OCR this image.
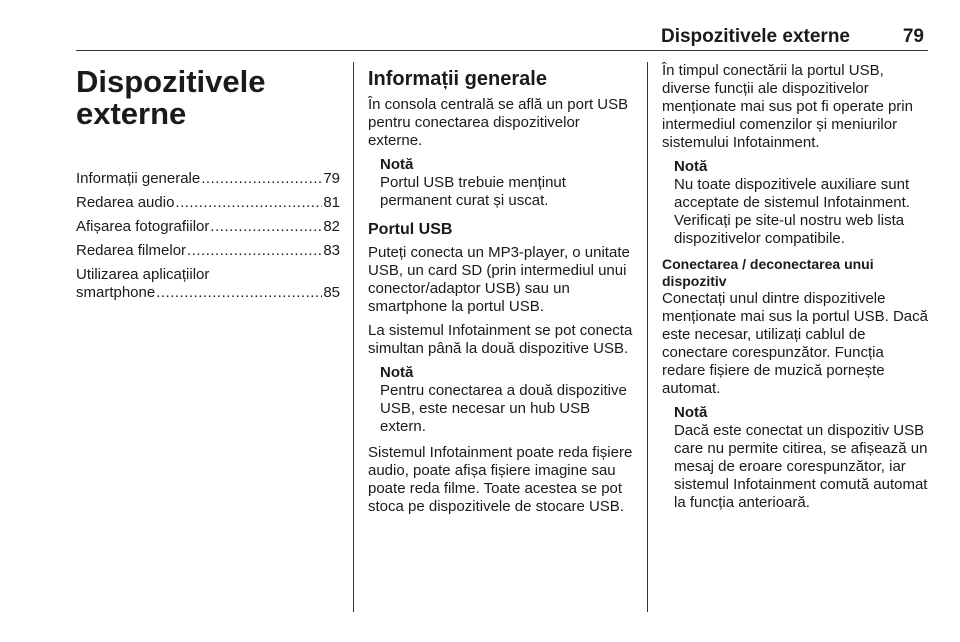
Dispozitivele externe	79
Dispozitivele externe
Informații generale .....	79
Redarea audio .....	81
Afișarea fotografiilor .....	82
Redarea filmelor .....	83
Utilizarea aplicațiilor
smartphone .....	85
Informații generale
În consola centrală se află un port USB pentru conectarea dispozitivelor externe.
Notă
Portul USB trebuie menținut permanent curat și uscat.
Portul USB
Puteți conecta un MP3-player, o unitate USB, un card SD (prin intermediul unui conector/adaptor USB) sau un smartphone la portul USB.
La sistemul Infotainment se pot conecta simultan până la două dispozitive USB.
Notă
Pentru conectarea a două dispozitive USB, este necesar un hub USB extern.
Sistemul Infotainment poate reda fișiere audio, poate afișa fișiere imagine sau poate reda filme. Toate acestea se pot stoca pe dispozitivele de stocare USB.
În timpul conectării la portul USB, diverse funcții ale dispozitivelor menționate mai sus pot fi operate prin intermediul comenzilor și meniurilor sistemului Infotainment.
Notă
Nu toate dispozitivele auxiliare sunt acceptate de sistemul Infotainment. Verificați pe site-ul nostru web lista dispozitivelor compatibile.
Conectarea / deconectarea unui dispozitiv
Conectați unul dintre dispozitivele menționate mai sus la portul USB. Dacă este necesar, utilizați cablul de conectare corespunzător. Funcția redare fișiere de muzică pornește automat.
Notă
Dacă este conectat un dispozitiv USB care nu permite citirea, se afișează un mesaj de eroare corespunzător, iar sistemul Infotainment comută automat la funcția anterioară.
